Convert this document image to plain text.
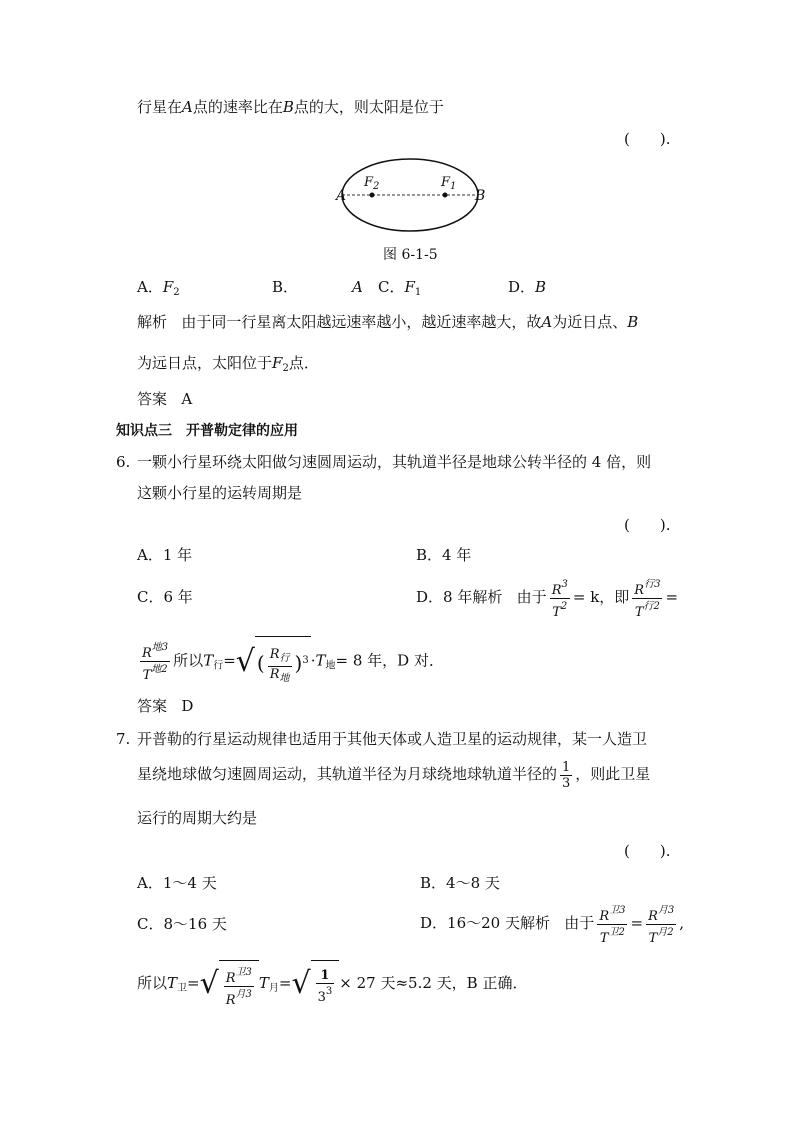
行星在A点的速率比在B点的大，则太阳是位于
(　　).
A	B
$F_2$	$F_1$
图 6-1-5
A．$F_2$	B．	A C．$F_1$	D．B
解析 由于同一行星离太阳越远速率越小，越近速率越大，故A为近日点、B
为远日点，太阳位于$F_2$点．
答案 A
知识点三　开普勒定律的应用
6. 一颗小行星环绕太阳做匀速圆周运动，其轨道半径是地球公转半径的 4 倍，则
这颗小行星的运转周期是
(　　).
A．1 年	B．4 年
C．6 年	D．8 年解析 由于 $\frac{R^3}{T^2} = k$，即 $\frac{R^{行3}}{T^{行2}}$ =
$\frac{R^{地3}}{T^{地2}}$ 所以$T_行=√$ ( $\frac{R_行}{R_地} )^3 \cdot T_地= 8$ 年，D 对．
答案 D
7. 开普勒的行星运动规律也适用于其他天体或人造卫星的运动规律，某一人造卫
星绕地球做匀速圆周运动，其轨道半径为月球绕地球轨道半径的 $\frac{1}{3}$ ，则此卫星
运行的周期大约是
(　　).
A．1～4 天	B．4～8 天
C．8～16 天	D．16～20 天解析 由于 $\frac{R^{卫3}}{T^{卫2}} = \frac{R^{月3}}{T^{月2}}$ ,
所以$T_卫=√ \frac{R^{卫3}}{R^{月3}} T_月=√ \frac{1}{3^3} \times 27$ 天≈5.2 天，B 正确．
